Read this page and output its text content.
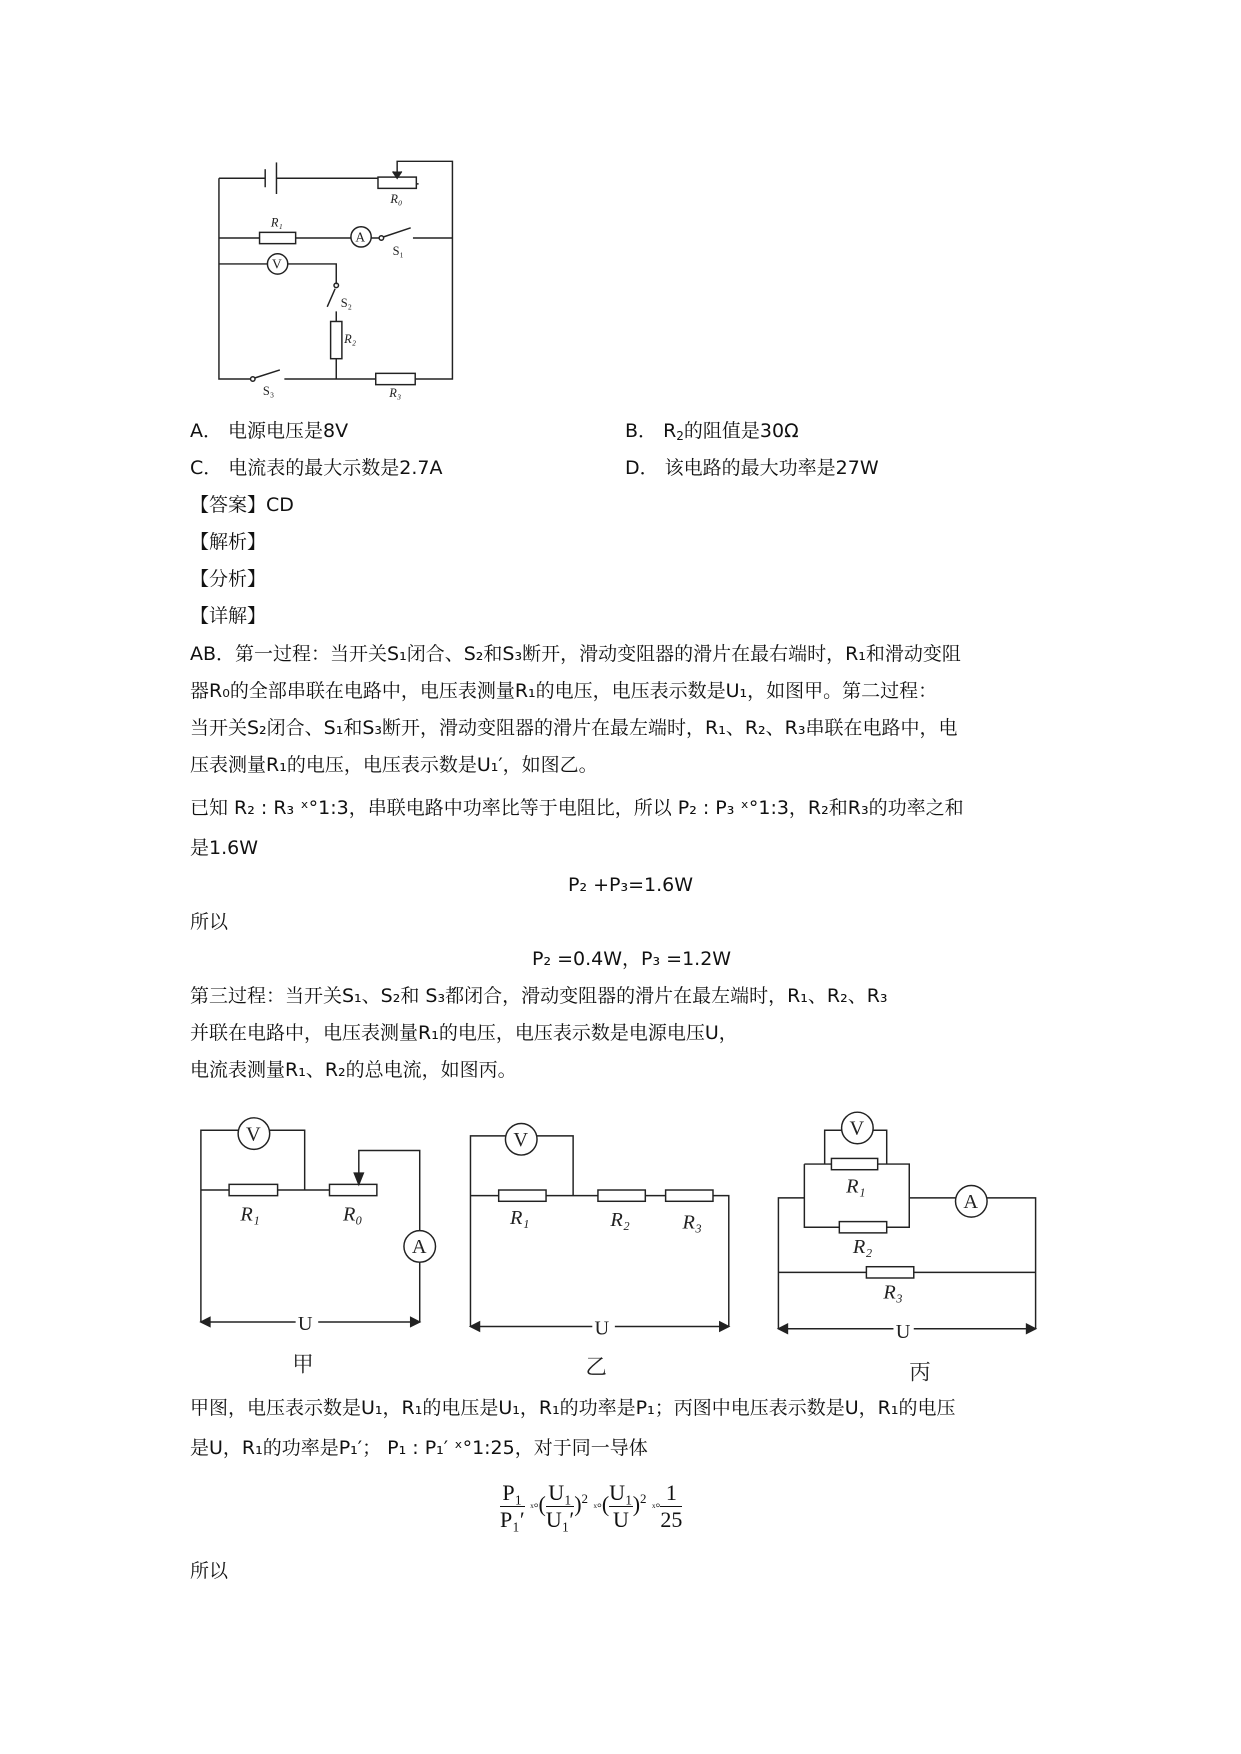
R₀
R₁
A
V
S₁
S₂
R₂
S₃	R₃
V
A
R₁	R₀
U
V
R₁	R₂	R₃
U
V
A
R₁
R₂
R₃
U
甲	乙	丙
A． 电源电压是8V	B． $R_2$的阻值是30Ω
C． 电流表的最大示数是2.7A	D． 该电路的最大功率是27W
【答案】CD
【解析】
【分析】
【详解】
AB．第一过程：当开关S₁闭合、S₂和S₃断开，滑动变阻器的滑片在最右端时，R₁和滑动变阻
器R₀的全部串联在电路中，电压表测量R₁的电压，电压表示数是U₁，如图甲。第二过程：
当开关S₂闭合、S₁和S₃断开，滑动变阻器的滑片在最左端时，R₁、R₂、R₃串联在电路中，电
压表测量R₁的电压，电压表示数是U₁′，如图乙。
已知 R₂ : R₃ ˣ°1:3，串联电路中功率比等于电阻比，所以 P₂ : P₃ ˣ°1:3，R₂和R₃的功率之和
是1.6W
P₂ +P₃=1.6W
所以
P₂ =0.4W，P₃ =1.2W
第三过程：当开关S₁、S₂和 S₃都闭合，滑动变阻器的滑片在最左端时，R₁、R₂、R₃
并联在电路中，电压表测量R₁的电压，电压表示数是电源电压U，
电流表测量R₁、R₂的总电流，如图丙。
甲图，电压表示数是U₁，R₁的电压是U₁，R₁的功率是P₁；丙图中电压表示数是U，R₁的电压
是U，R₁的功率是P₁′； P₁ : P₁′ ˣ°1:25，对于同一导体
$\frac{\text{P₁}}{\text{P₁′}}$ ˣ°( $\frac{\text{U₁}}{\text{U₁′}} )^2$ ˣ°( $\frac{\text{U₁}}{U} )^2$ ˣ° $\frac{1}{25}$
所以
